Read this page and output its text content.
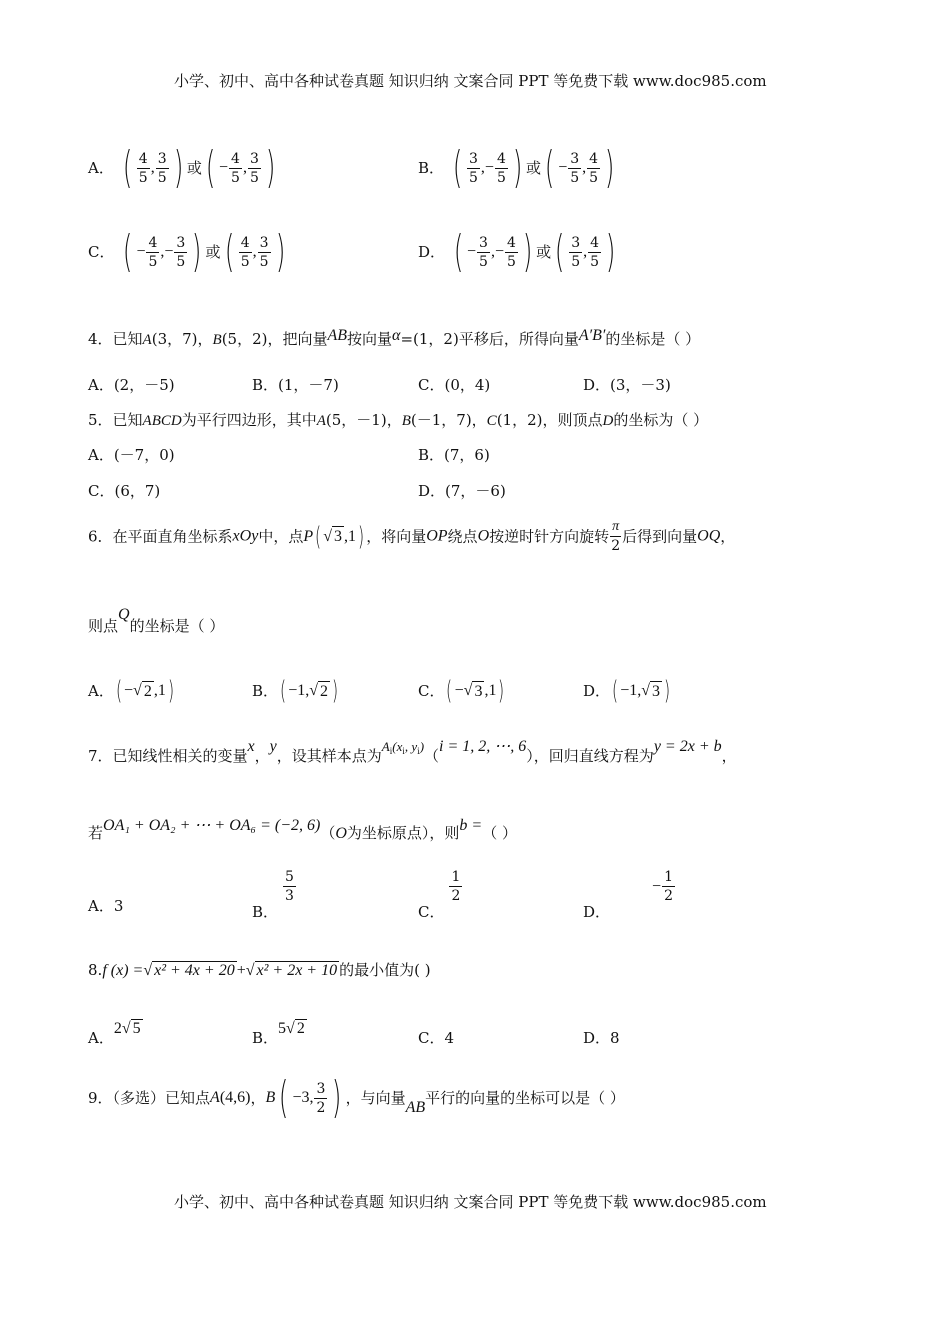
小学、初中、高中各种试卷真题 知识归纳 文案合同 PPT 等免费下载 www.doc985.com
小学、初中、高中各种试卷真题 知识归纳 文案合同 PPT 等免费下载 www.doc985.com
A． ( $\frac{4}{5}$ , $\frac{3}{5}$ ) 或 ( − $\frac{4}{5}$ , $\frac{3}{5}$ )	B． ( $\frac{3}{5}$ ,− $\frac{4}{5}$ ) 或 ( − $\frac{3}{5}$ , $\frac{4}{5}$ )
C． ( − $\frac{4}{5}$ ,− $\frac{3}{5}$ ) 或 ( $\frac{4}{5}$ , $\frac{3}{5}$ )	D． ( − $\frac{3}{5}$ ,− $\frac{4}{5}$ ) 或 ( $\frac{3}{5}$ , $\frac{4}{5}$ )
4．已知A(3，7)，B(5，2)，把向量AB按向量α=(1，2)平移后，所得向量A′B′的坐标是（ ）
A．(2，－5)	B．(1，－7)	C．(0，4)	D．(3，－3)
5．已知ABCD为平行四边形，其中A(5，－1)，B(－1，7)，C(1，2)，则顶点D的坐标为（ ）
A．(－7，0)	B．(7，6)
C．(6，7)	D．(7，－6)
6．在平面直角坐标系xOy中，点 P ( √ 3 ,1 ) ，将向量OP绕点O按逆时针方向旋转 $\frac{\pi}{2}$ 后得到向量OQ，
则点Q的坐标是（ ）
A． ( − √ 2 ,1 )	B． ( −1, √ 2 )	C． ( − √ 3 ,1 )	D． ( −1, √ 3 )
7．已知线性相关的变量x，y，设其样本点为$A_i(x_i$, $y_i)(i = 1$, 2, ⋯, 6），回归直线方程为y = 2x + b，
若OA₁ + OA₂ + ⋯ + OA₆ = (−2, 6)（O为坐标原点），则b =（ ）
A．3	B．
$\frac{5}{3}$
C．
$\frac{1}{2}$
D．− $\frac{1}{2}$
8.f (x) =√ x² + 4x + 20 +√ x² + 2x + 10 的最小值为( )
A．2√ 5
B．5√ 2
C．4	D．8
9．（多选）已知点A(4,6)， B ( −3, $\frac{3}{2}$ ) ，与向量AB平行的向量的坐标可以是（ ）
